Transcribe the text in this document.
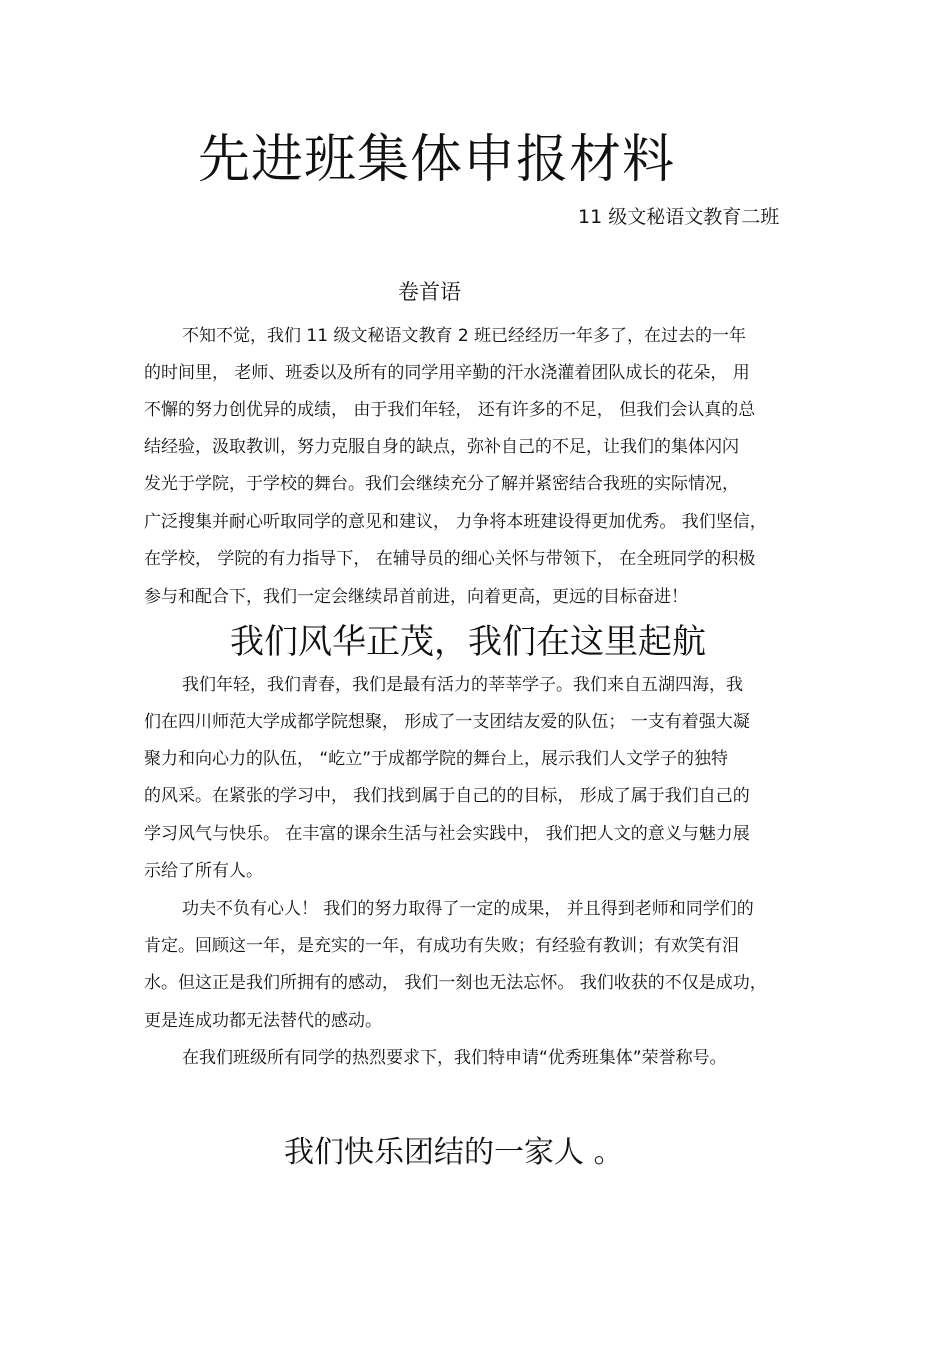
先进班集体申报材料
11 级文秘语文教育二班
卷首语
不知不觉，我们 11 级文秘语文教育 2 班已经经历一年多了，在过去的一年
的时间里， 老师、班委以及所有的同学用辛勤的汗水浇灌着团队成长的花朵， 用
不懈的努力创优异的成绩， 由于我们年轻， 还有许多的不足， 但我们会认真的总
结经验，汲取教训，努力克服自身的缺点，弥补自己的不足，让我们的集体闪闪
发光于学院，于学校的舞台。我们会继续充分了解并紧密结合我班的实际情况，
广泛搜集并耐心听取同学的意见和建议， 力争将本班建设得更加优秀。 我们坚信，
在学校， 学院的有力指导下， 在辅导员的细心关怀与带领下， 在全班同学的积极
参与和配合下，我们一定会继续昂首前进，向着更高，更远的目标奋进！
我们风华正茂，我们在这里起航
我们年轻，我们青春，我们是最有活力的莘莘学子。我们来自五湖四海，我
们在四川师范大学成都学院想聚， 形成了一支团结友爱的队伍； 一支有着强大凝
聚力和向心力的队伍， “屹立”于成都学院的舞台上，展示我们人文学子的独特
的风采。在紧张的学习中， 我们找到属于自己的的目标， 形成了属于我们自己的
学习风气与快乐。 在丰富的课余生活与社会实践中， 我们把人文的意义与魅力展
示给了所有人。
功夫不负有心人！ 我们的努力取得了一定的成果， 并且得到老师和同学们的
肯定。回顾这一年，是充实的一年，有成功有失败；有经验有教训；有欢笑有泪
水。但这正是我们所拥有的感动， 我们一刻也无法忘怀。 我们收获的不仅是成功，
更是连成功都无法替代的感动。
在我们班级所有同学的热烈要求下，我们特申请“优秀班集体”荣誉称号。
我们快乐团结的一家人 。
